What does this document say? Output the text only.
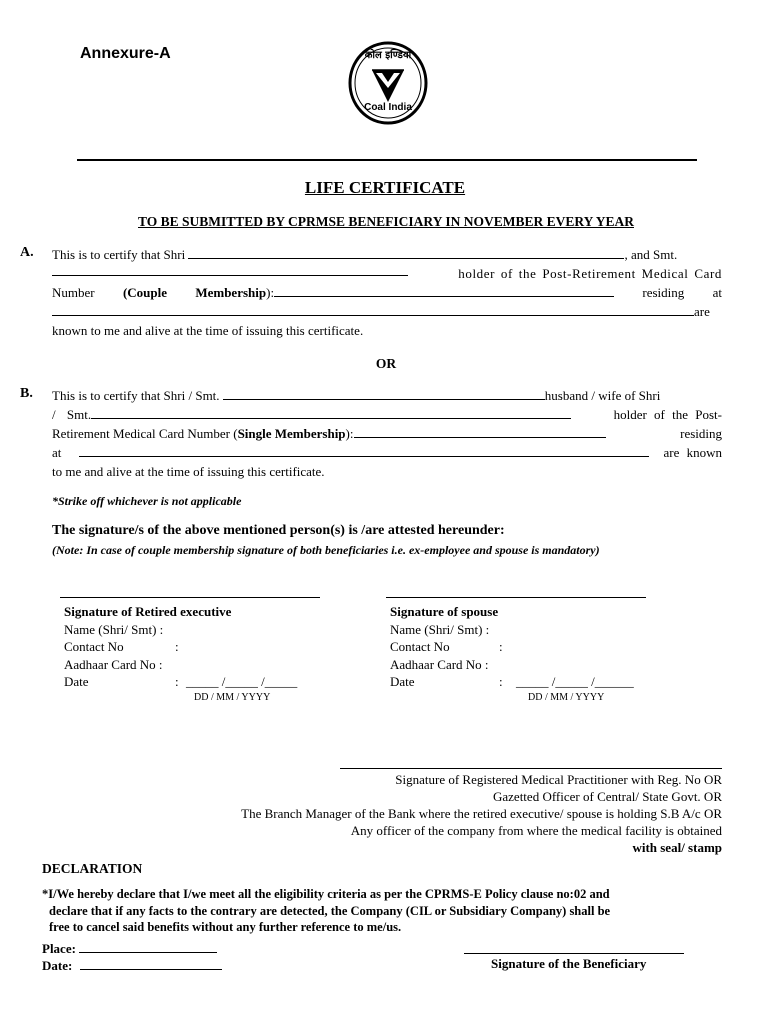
Annexure-A	कोल इण्डिया
Coal India
LIFE CERTIFICATE
TO BE SUBMITTED BY CPRMSE BENEFICIARY IN NOVEMBER EVERY YEAR
A. This is to certify that Shri	, and Smt.
holder of the Post-Retirement Medical Card
Number (Couple Membership):	residing at
are
known to me and alive at the time of issuing this certificate.
OR
B. This is to certify that Shri / Smt.	husband / wife of Shri
/ Smt.	holder of the Post-
Retirement Medical Card Number (Single Membership):	residing
at	are known
to me and alive at the time of issuing this certificate.
*Strike off whichever is not applicable
The signature/s of the above mentioned person(s) is /are attested hereunder:
(Note: In case of couple membership signature of both beneficiaries i.e. ex-employee and spouse is mandatory)
Signature of Retired executive
Name (Shri/ Smt) :
Contact No	:
Aadhaar Card No :
Date	: _____ /_____ /_____
DD / MM / YYYY
Signature of spouse
Name (Shri/ Smt) :
Contact No	:
Aadhaar Card No :
Date	: _____ /_____ /______
DD / MM / YYYY
Signature of Registered Medical Practitioner with Reg. No OR
Gazetted Officer of Central/ State Govt. OR
The Branch Manager of the Bank where the retired executive/ spouse is holding S.B A/c OR
Any officer of the company from where the medical facility is obtained
with seal/ stamp
DECLARATION
*I/We hereby declare that I/we meet all the eligibility criteria as per the CPRMS-E Policy clause no:02 and
declare that if any facts to the contrary are detected, the Company (CIL or Subsidiary Company) shall be
free to cancel said benefits without any further reference to me/us.
Place:
Date:	Signature of the Beneficiary
